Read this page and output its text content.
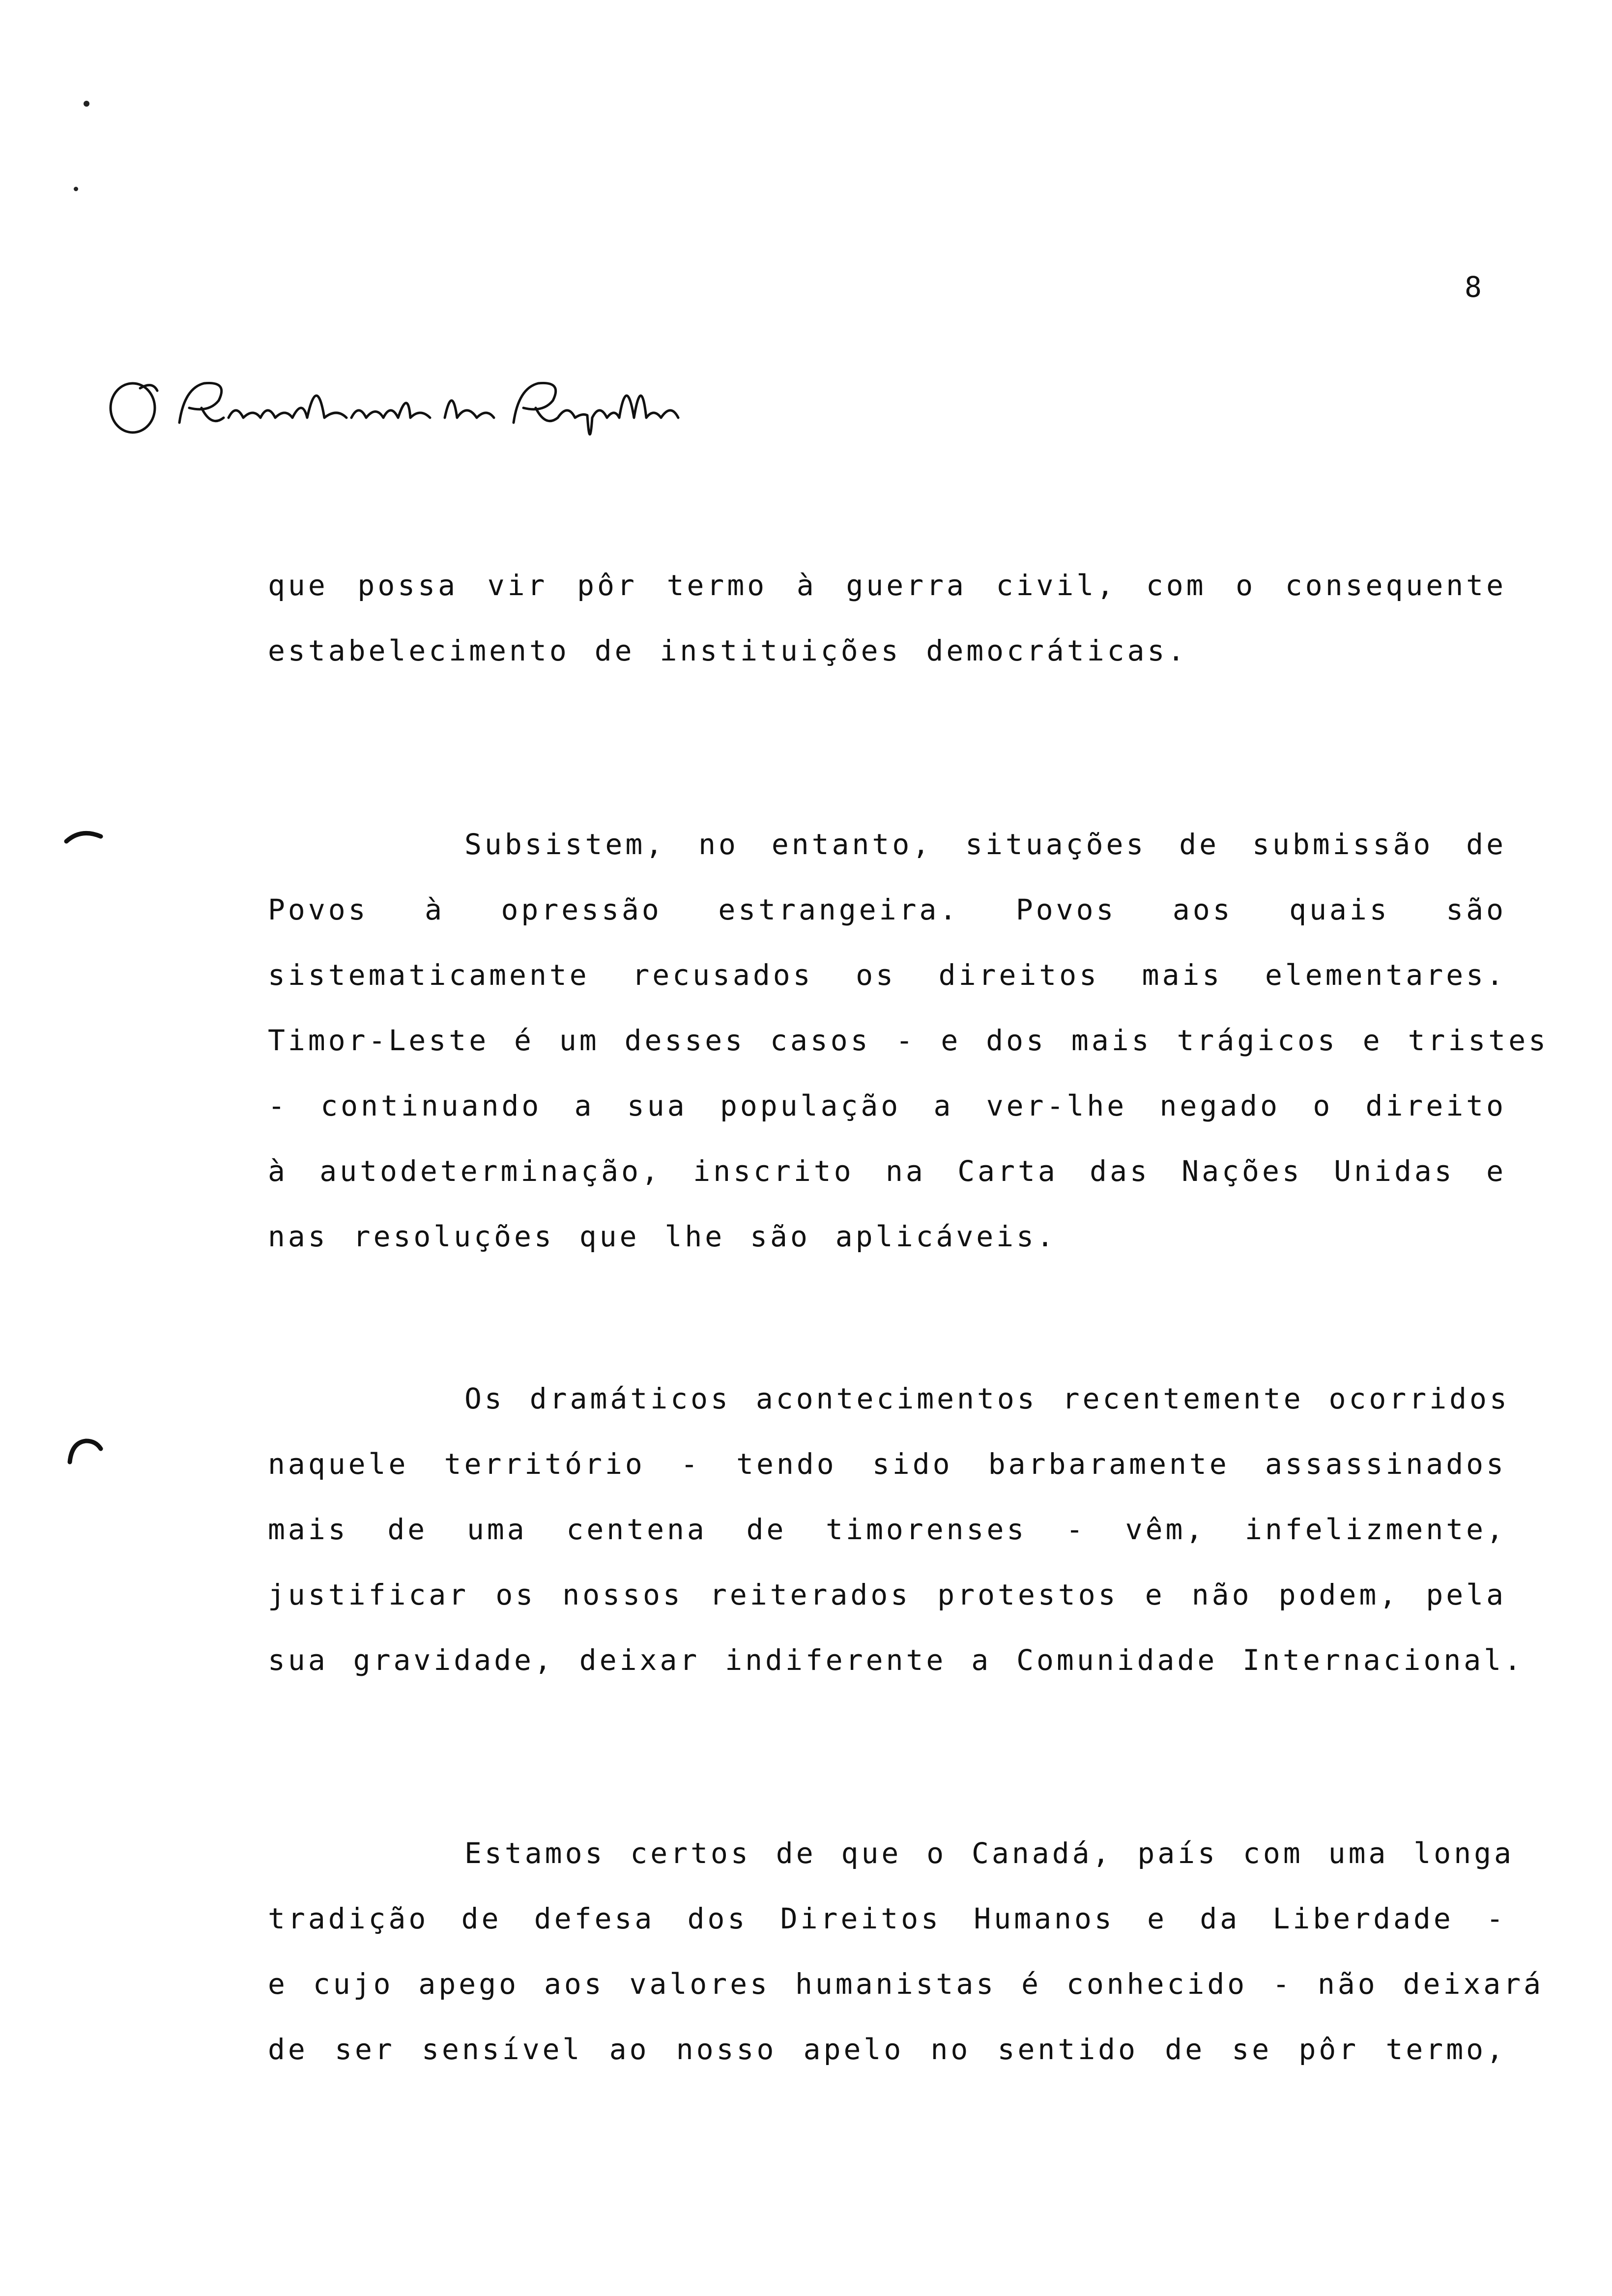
8
que possa vir pôr termo à guerra civil, com o consequente
estabelecimento de instituições democráticas.
Subsistem, no entanto, situações de submissão de
Povos à opressão estrangeira. Povos aos quais são
sistematicamente recusados os direitos mais elementares.
Timor-Leste é um desses casos - e dos mais trágicos e tristes
- continuando a sua população a ver-lhe negado o direito
à autodeterminação, inscrito na Carta das Nações Unidas e
nas resoluções que lhe são aplicáveis.
Os dramáticos acontecimentos recentemente ocorridos
naquele território - tendo sido barbaramente assassinados
mais de uma centena de timorenses - vêm, infelizmente,
justificar os nossos reiterados protestos e não podem, pela
sua gravidade, deixar indiferente a Comunidade Internacional.
Estamos certos de que o Canadá, país com uma longa
tradição de defesa dos Direitos Humanos e da Liberdade -
e cujo apego aos valores humanistas é conhecido - não deixará
de ser sensível ao nosso apelo no sentido de se pôr termo,
